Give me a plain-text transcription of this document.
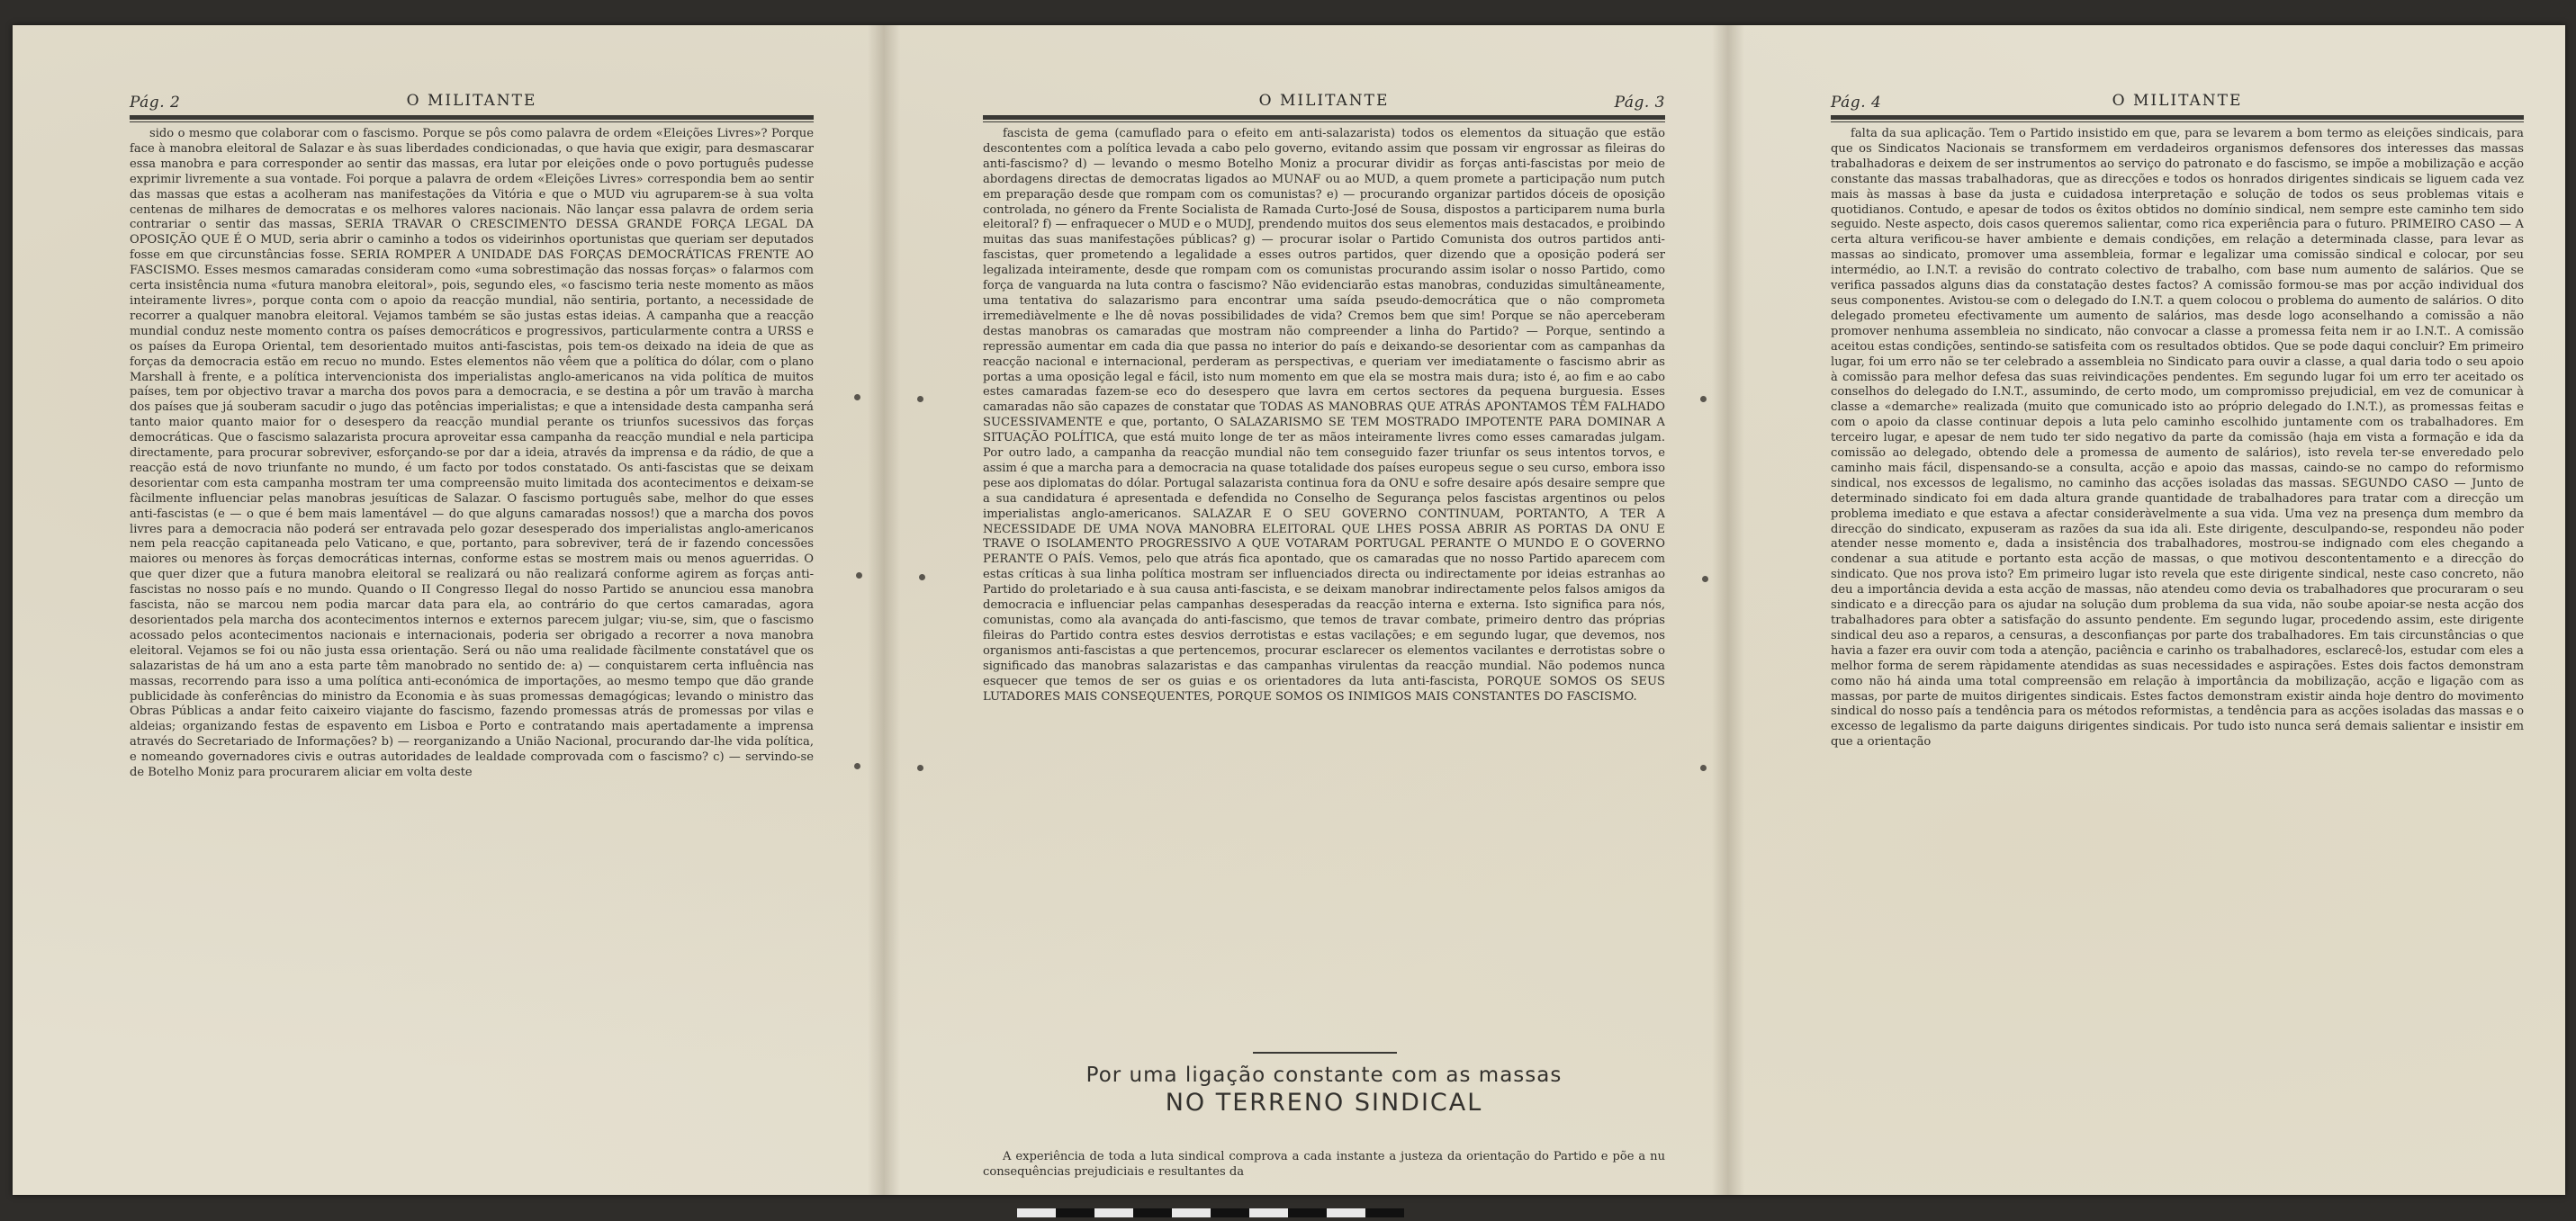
Pág. 2	O MILITANTE

sido o mesmo que colaborar com o fascismo. Porque se pôs como palavra de ordem «Eleições Livres»? Porque face à manobra eleitoral de Salazar e às suas liberdades condicionadas, o que havia que exigir, para desmascarar essa manobra e para corresponder ao sentir das massas, era lutar por eleições onde o povo português pudesse exprimir livremente a sua vontade. Foi porque a palavra de ordem «Eleições Livres» correspondia bem ao sentir das massas que estas a acolheram nas manifestações da Vitória e que o MUD viu agruparem-se à sua volta centenas de milhares de democratas e os melhores valores nacionais. Não lançar essa palavra de ordem seria contrariar o sentir das massas, SERIA TRAVAR O CRESCIMENTO DESSA GRANDE FORÇA LEGAL DA OPOSIÇÃO QUE É O MUD, seria abrir o caminho a todos os videirinhos oportunistas que queriam ser deputados fosse em que circunstâncias fosse. SERIA ROMPER A UNIDADE DAS FORÇAS DEMOCRÁTICAS FRENTE AO FASCISMO. Esses mesmos camaradas consideram como «uma sobrestimação das nossas forças» o falarmos com certa insistência numa «futura manobra eleitoral», pois, segundo eles, «o fascismo teria neste momento as mãos inteiramente livres», porque conta com o apoio da reacção mundial, não sentiria, portanto, a necessidade de recorrer a qualquer manobra eleitoral. Vejamos também se são justas estas ideias. A campanha que a reacção mundial conduz neste momento contra os países democráticos e progressivos, particularmente contra a URSS e os países da Europa Oriental, tem desorientado muitos anti-fascistas, pois tem-os deixado na ideia de que as forças da democracia estão em recuo no mundo. Estes elementos não vêem que a política do dólar, com o plano Marshall à frente, e a política intervencionista dos imperialistas anglo-americanos na vida política de muitos países, tem por objectivo travar a marcha dos povos para a democracia, e se destina a pôr um travão à marcha dos países que já souberam sacudir o jugo das potências imperialistas; e que a intensidade desta campanha será tanto maior quanto maior for o desespero da reacção mundial perante os triunfos sucessivos das forças democráticas. Que o fascismo salazarista procura aproveitar essa campanha da reacção mundial e nela participa directamente, para procurar sobreviver, esforçando-se por dar a ideia, através da imprensa e da rádio, de que a reacção está de novo triunfante no mundo, é um facto por todos constatado. Os anti-fascistas que se deixam desorientar com esta campanha mostram ter uma compreensão muito limitada dos acontecimentos e deixam-se fàcilmente influenciar pelas manobras jesuíticas de Salazar. O fascismo português sabe, melhor do que esses anti-fascistas (e — o que é bem mais lamentável — do que alguns camaradas nossos!) que a marcha dos povos livres para a democracia não poderá ser entravada pelo gozar desesperado dos imperialistas anglo-americanos nem pela reacção capitaneada pelo Vaticano, e que, portanto, para sobreviver, terá de ir fazendo concessões maiores ou menores às forças democráticas internas, conforme estas se mostrem mais ou menos aguerridas. O que quer dizer que a futura manobra eleitoral se realizará ou não realizará conforme agirem as forças anti-fascistas no nosso país e no mundo. Quando o II Congresso Ilegal do nosso Partido se anunciou essa manobra fascista, não se marcou nem podia marcar data para ela, ao contrário do que certos camaradas, agora desorientados pela marcha dos acontecimentos internos e externos parecem julgar; viu-se, sim, que o fascismo acossado pelos acontecimentos nacionais e internacionais, poderia ser obrigado a recorrer a nova manobra eleitoral. Vejamos se foi ou não justa essa orientação. Será ou não uma realidade fàcilmente constatável que os salazaristas de há um ano a esta parte têm manobrado no sentido de: a) — conquistarem certa influência nas massas, recorrendo para isso a uma política anti-económica de importações, ao mesmo tempo que dão grande publicidade às conferências do ministro da Economia e às suas promessas demagógicas; levando o ministro das Obras Públicas a andar feito caixeiro viajante do fascismo, fazendo promessas atrás de promessas por vilas e aldeias; organizando festas de espavento em Lisboa e Porto e contratando mais apertadamente a imprensa através do Secretariado de Informações? b) — reorganizando a União Nacional, procurando dar-lhe vida política, e nomeando governadores civis e outras autoridades de lealdade comprovada com o fascismo? c) — servindo-se de Botelho Moniz para procurarem aliciar em volta deste

O MILITANTE	Pág. 3

fascista de gema (camuflado para o efeito em anti-salazarista) todos os elementos da situação que estão descontentes com a política levada a cabo pelo governo, evitando assim que possam vir engrossar as fileiras do anti-fascismo? d) — levando o mesmo Botelho Moniz a procurar dividir as forças anti-fascistas por meio de abordagens directas de democratas ligados ao MUNAF ou ao MUD, a quem promete a participação num putch em preparação desde que rompam com os comunistas? e) — procurando organizar partidos dóceis de oposição controlada, no género da Frente Socialista de Ramada Curto-José de Sousa, dispostos a participarem numa burla eleitoral? f) — enfraquecer o MUD e o MUDJ, prendendo muitos dos seus elementos mais destacados, e proibindo muitas das suas manifestações públicas? g) — procurar isolar o Partido Comunista dos outros partidos anti-fascistas, quer prometendo a legalidade a esses outros partidos, quer dizendo que a oposição poderá ser legalizada inteiramente, desde que rompam com os comunistas procurando assim isolar o nosso Partido, como força de vanguarda na luta contra o fascismo? Não evidenciarão estas manobras, conduzidas simultâneamente, uma tentativa do salazarismo para encontrar uma saída pseudo-democrática que o não comprometa irremediàvelmente e lhe dê novas possibilidades de vida? Cremos bem que sim! Porque se não aperceberam destas manobras os camaradas que mostram não compreender a linha do Partido? — Porque, sentindo a repressão aumentar em cada dia que passa no interior do país e deixando-se desorientar com as campanhas da reacção nacional e internacional, perderam as perspectivas, e queriam ver imediatamente o fascismo abrir as portas a uma oposição legal e fácil, isto num momento em que ela se mostra mais dura; isto é, ao fim e ao cabo estes camaradas fazem-se eco do desespero que lavra em certos sectores da pequena burguesia. Esses camaradas não são capazes de constatar que TODAS AS MANOBRAS QUE ATRÁS APONTAMOS TÊM FALHADO SUCESSIVAMENTE e que, portanto, O SALAZARISMO SE TEM MOSTRADO IMPOTENTE PARA DOMINAR A SITUAÇÃO POLÍTICA, que está muito longe de ter as mãos inteiramente livres como esses camaradas julgam. Por outro lado, a campanha da reacção mundial não tem conseguido fazer triunfar os seus intentos torvos, e assim é que a marcha para a democracia na quase totalidade dos países europeus segue o seu curso, embora isso pese aos diplomatas do dólar. Portugal salazarista continua fora da ONU e sofre desaire após desaire sempre que a sua candidatura é apresentada e defendida no Conselho de Segurança pelos fascistas argentinos ou pelos imperialistas anglo-americanos. SALAZAR E O SEU GOVERNO CONTINUAM, PORTANTO, A TER A NECESSIDADE DE UMA NOVA MANOBRA ELEITORAL QUE LHES POSSA ABRIR AS PORTAS DA ONU E TRAVE O ISOLAMENTO PROGRESSIVO A QUE VOTARAM PORTUGAL PERANTE O MUNDO E O GOVERNO PERANTE O PAÍS. Vemos, pelo que atrás fica apontado, que os camaradas que no nosso Partido aparecem com estas críticas à sua linha política mostram ser influenciados directa ou indirectamente por ideias estranhas ao Partido do proletariado e à sua causa anti-fascista, e se deixam manobrar indirectamente pelos falsos amigos da democracia e influenciar pelas campanhas desesperadas da reacção interna e externa. Isto significa para nós, comunistas, como ala avançada do anti-fascismo, que temos de travar combate, primeiro dentro das próprias fileiras do Partido contra estes desvios derrotistas e estas vacilações; e em segundo lugar, que devemos, nos organismos anti-fascistas a que pertencemos, procurar esclarecer os elementos vacilantes e derrotistas sobre o significado das manobras salazaristas e das campanhas virulentas da reacção mundial. Não podemos nunca esquecer que temos de ser os guias e os orientadores da luta anti-fascista, PORQUE SOMOS OS SEUS LUTADORES MAIS CONSEQUENTES, PORQUE SOMOS OS INIMIGOS MAIS CONSTANTES DO FASCISMO.

Por uma ligação constante com as massas
NO TERRENO SINDICAL

A experiência de toda a luta sindical comprova a cada instante a justeza da orientação do Partido e põe a nu consequências prejudiciais e resultantes da

Pág. 4	O MILITANTE

falta da sua aplicação. Tem o Partido insistido em que, para se levarem a bom termo as eleições sindicais, para que os Sindicatos Nacionais se transformem em verdadeiros organismos defensores dos interesses das massas trabalhadoras e deixem de ser instrumentos ao serviço do patronato e do fascismo, se impõe a mobilização e acção constante das massas trabalhadoras, que as direcções e todos os honrados dirigentes sindicais se liguem cada vez mais às massas à base da justa e cuidadosa interpretação e solução de todos os seus problemas vitais e quotidianos. Contudo, e apesar de todos os êxitos obtidos no domínio sindical, nem sempre este caminho tem sido seguido. Neste aspecto, dois casos queremos salientar, como rica experiência para o futuro. PRIMEIRO CASO — A certa altura verificou-se haver ambiente e demais condições, em relação a determinada classe, para levar as massas ao sindicato, promover uma assembleia, formar e legalizar uma comissão sindical e colocar, por seu intermédio, ao I.N.T. a revisão do contrato colectivo de trabalho, com base num aumento de salários. Que se verifica passados alguns dias da constatação destes factos? A comissão formou-se mas por acção individual dos seus componentes. Avistou-se com o delegado do I.N.T. a quem colocou o problema do aumento de salários. O dito delegado prometeu efectivamente um aumento de salários, mas desde logo aconselhando a comissão a não promover nenhuma assembleia no sindicato, não convocar a classe a promessa feita nem ir ao I.N.T.. A comissão aceitou estas condições, sentindo-se satisfeita com os resultados obtidos. Que se pode daqui concluir? Em primeiro lugar, foi um erro não se ter celebrado a assembleia no Sindicato para ouvir a classe, a qual daria todo o seu apoio à comissão para melhor defesa das suas reivindicações pendentes. Em segundo lugar foi um erro ter aceitado os conselhos do delegado do I.N.T., assumindo, de certo modo, um compromisso prejudicial, em vez de comunicar à classe a «demarche» realizada (muito que comunicado isto ao próprio delegado do I.N.T.), as promessas feitas e com o apoio da classe continuar depois a luta pelo caminho escolhido juntamente com os trabalhadores. Em terceiro lugar, e apesar de nem tudo ter sido negativo da parte da comissão (haja em vista a formação e ida da comissão ao delegado, obtendo dele a promessa de aumento de salários), isto revela ter-se enveredado pelo caminho mais fácil, dispensando-se a consulta, acção e apoio das massas, caindo-se no campo do reformismo sindical, nos excessos de legalismo, no caminho das acções isoladas das massas. SEGUNDO CASO — Junto de determinado sindicato foi em dada altura grande quantidade de trabalhadores para tratar com a direcção um problema imediato e que estava a afectar consideràvelmente a sua vida. Uma vez na presença dum membro da direcção do sindicato, expuseram as razões da sua ida ali. Este dirigente, desculpando-se, respondeu não poder atender nesse momento e, dada a insistência dos trabalhadores, mostrou-se indignado com eles chegando a condenar a sua atitude e portanto esta acção de massas, o que motivou descontentamento e a direcção do sindicato. Que nos prova isto? Em primeiro lugar isto revela que este dirigente sindical, neste caso concreto, não deu a importância devida a esta acção de massas, não atendeu como devia os trabalhadores que procuraram o seu sindicato e a direcção para os ajudar na solução dum problema da sua vida, não soube apoiar-se nesta acção dos trabalhadores para obter a satisfação do assunto pendente. Em segundo lugar, procedendo assim, este dirigente sindical deu aso a reparos, a censuras, a desconfianças por parte dos trabalhadores. Em tais circunstâncias o que havia a fazer era ouvir com toda a atenção, paciência e carinho os trabalhadores, esclarecê-los, estudar com eles a melhor forma de serem ràpidamente atendidas as suas necessidades e aspirações. Estes dois factos demonstram como não há ainda uma total compreensão em relação à importância da mobilização, acção e ligação com as massas, por parte de muitos dirigentes sindicais. Estes factos demonstram existir ainda hoje dentro do movimento sindical do nosso país a tendência para os métodos reformistas, a tendência para as acções isoladas das massas e o excesso de legalismo da parte daiguns dirigentes sindicais. Por tudo isto nunca será demais salientar e insistir em que a orientação
